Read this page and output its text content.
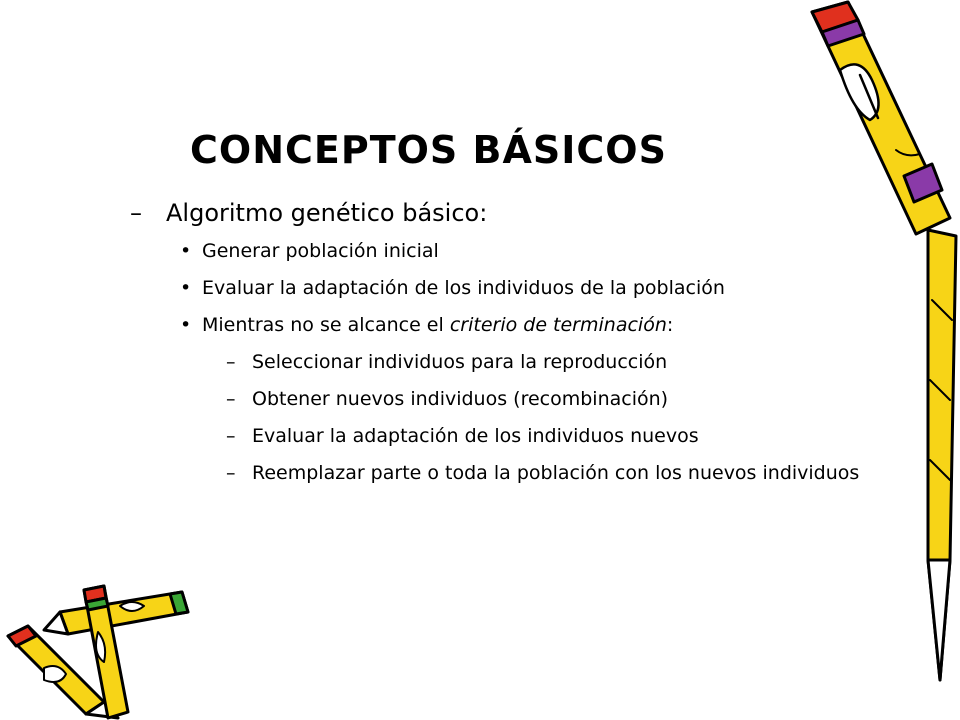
CONCEPTOS BÁSICOS
– Algoritmo genético básico:
• Generar población inicial
• Evaluar la adaptación de los individuos de la población
• Mientras no se alcance el criterio de terminación:
– Seleccionar individuos para la reproducción
– Obtener nuevos individuos (recombinación)
– Evaluar la adaptación de los individuos nuevos
– Reemplazar parte o toda la población con los nuevos individuos
